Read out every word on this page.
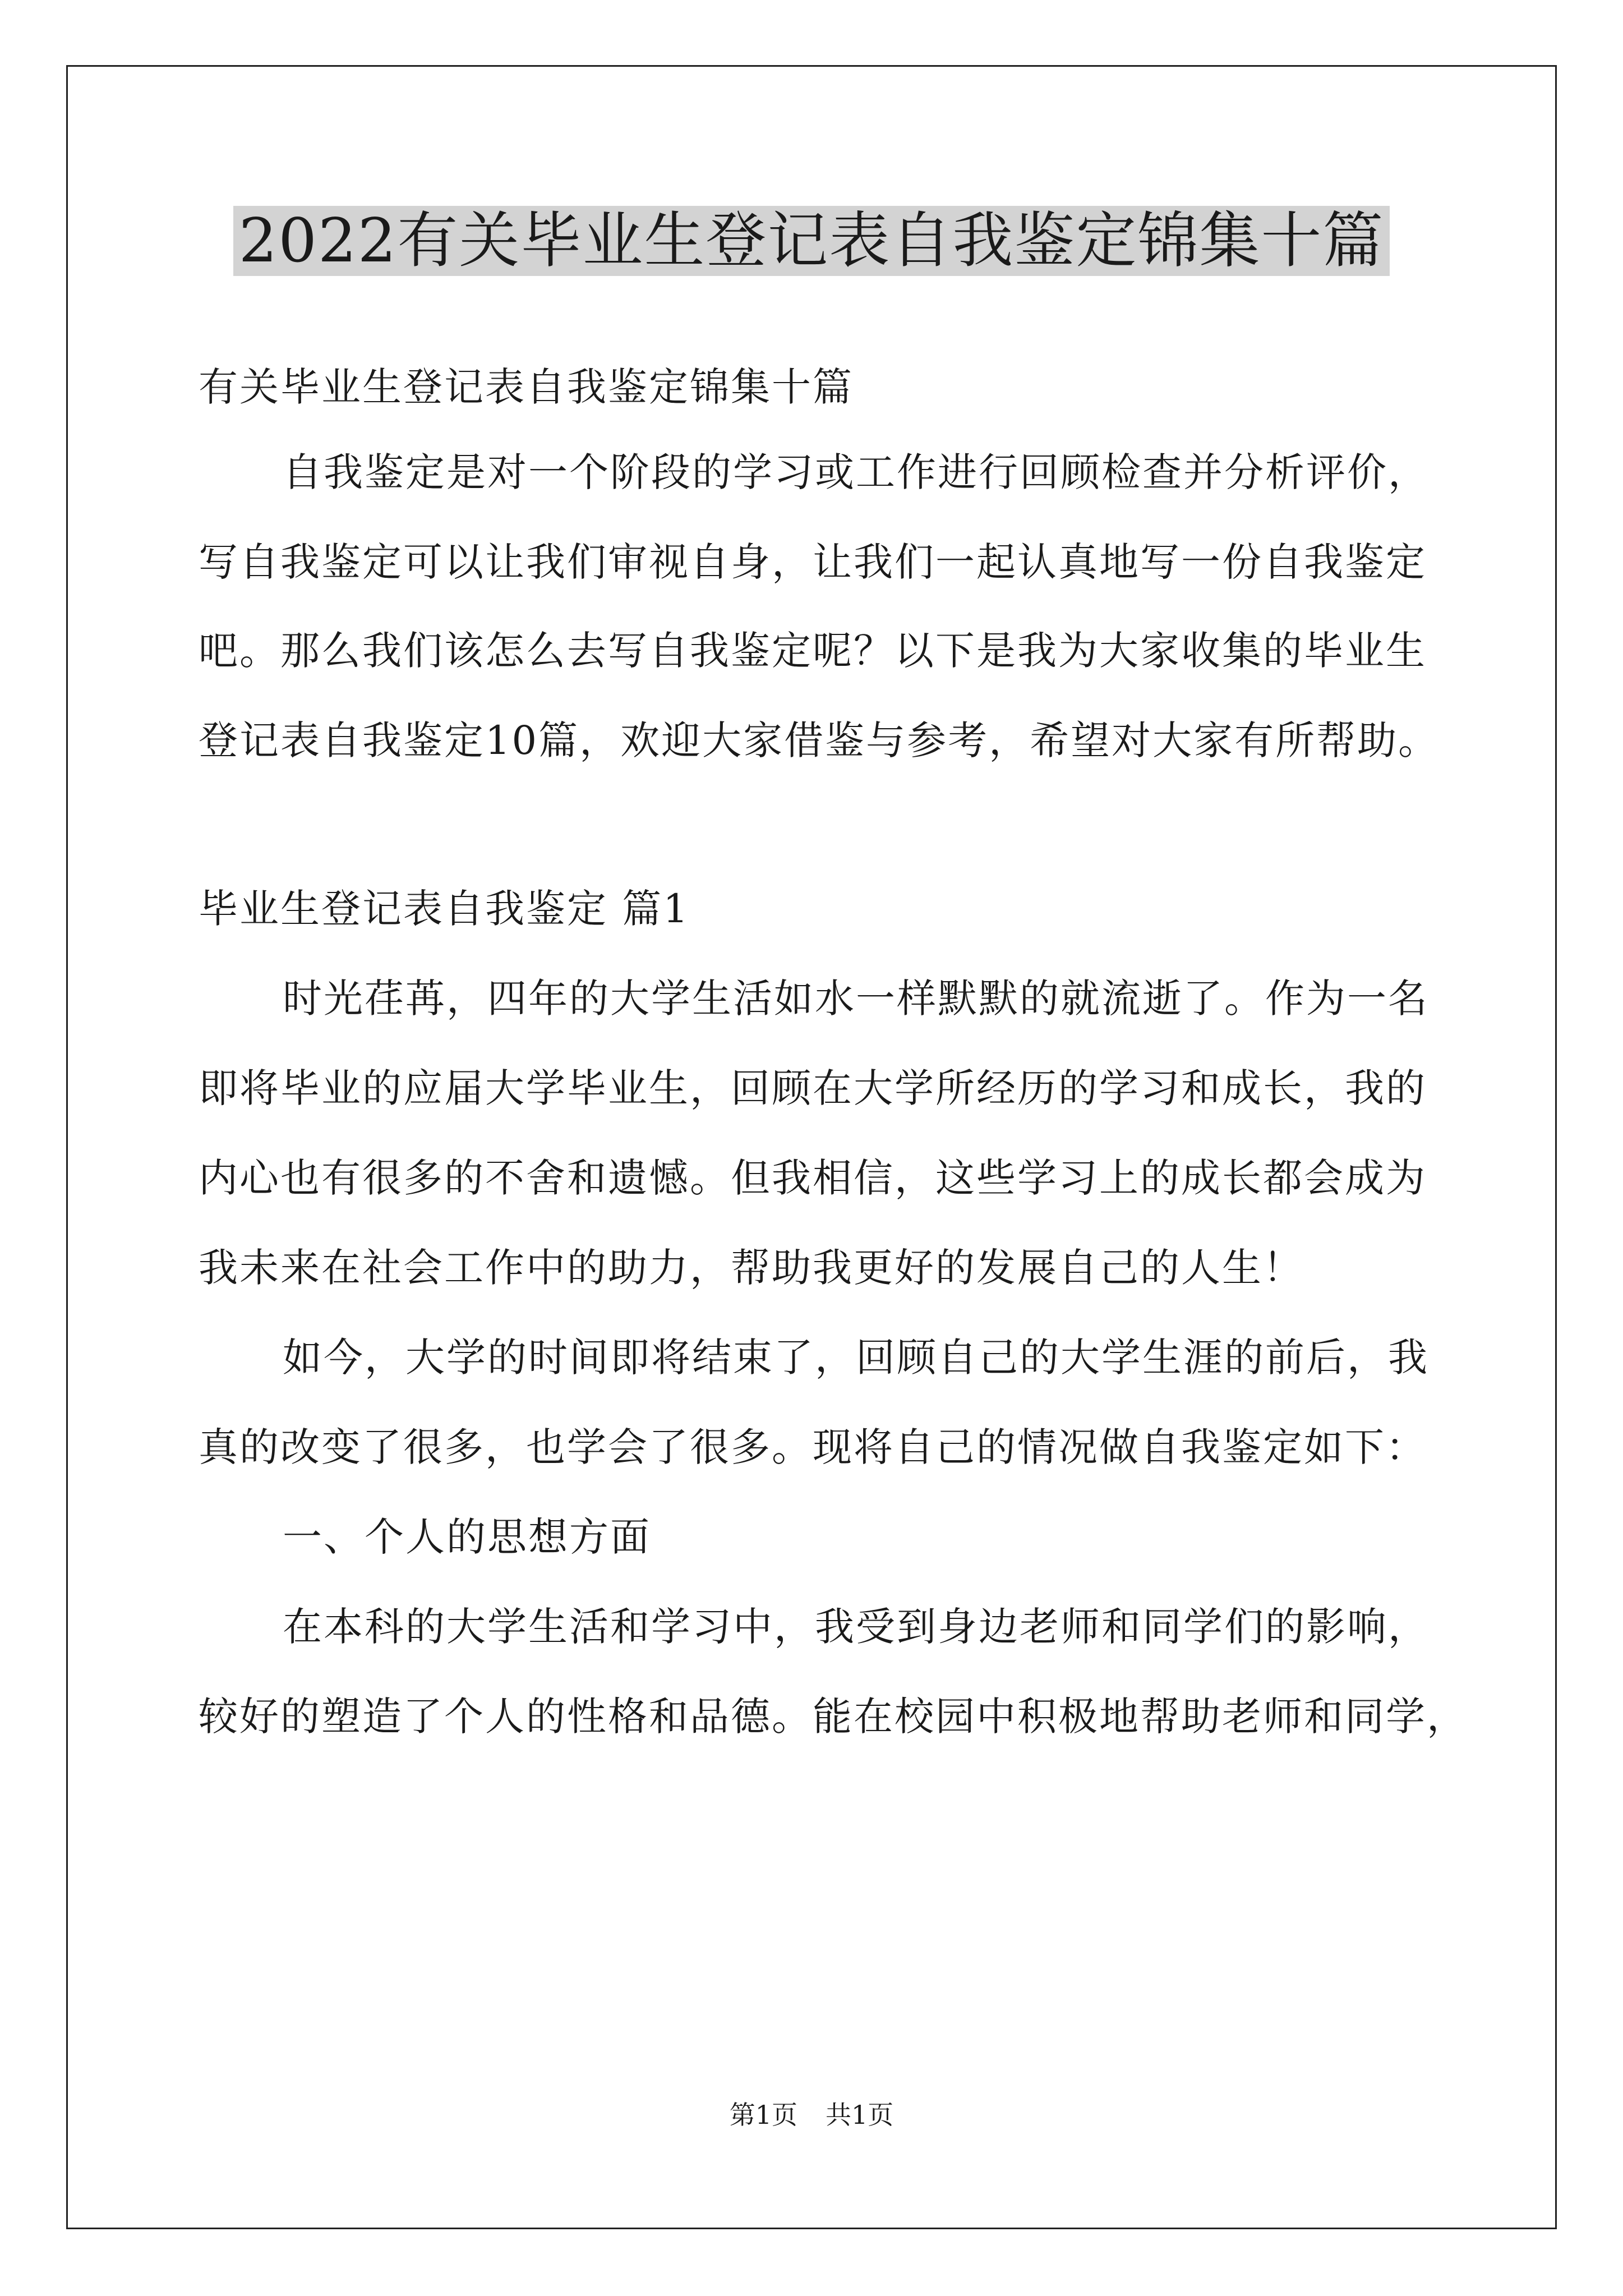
2022有关毕业生登记表自我鉴定锦集十篇
有关毕业生登记表自我鉴定锦集十篇
自我鉴定是对一个阶段的学习或工作进行回顾检查并分析评价，
写自我鉴定可以让我们审视自身，让我们一起认真地写一份自我鉴定
吧。那么我们该怎么去写自我鉴定呢？以下是我为大家收集的毕业生
登记表自我鉴定10篇，欢迎大家借鉴与参考，希望对大家有所帮助。
毕业生登记表自我鉴定 篇1
时光荏苒，四年的大学生活如水一样默默的就流逝了。作为一名
即将毕业的应届大学毕业生，回顾在大学所经历的学习和成长，我的
内心也有很多的不舍和遗憾。但我相信，这些学习上的成长都会成为
我未来在社会工作中的助力，帮助我更好的发展自己的人生！
如今，大学的时间即将结束了，回顾自己的大学生涯的前后，我
真的改变了很多，也学会了很多。现将自己的情况做自我鉴定如下：
一、个人的思想方面
在本科的大学生活和学习中，我受到身边老师和同学们的影响，
较好的塑造了个人的性格和品德。能在校园中积极地帮助老师和同学，
第1页 共1页
